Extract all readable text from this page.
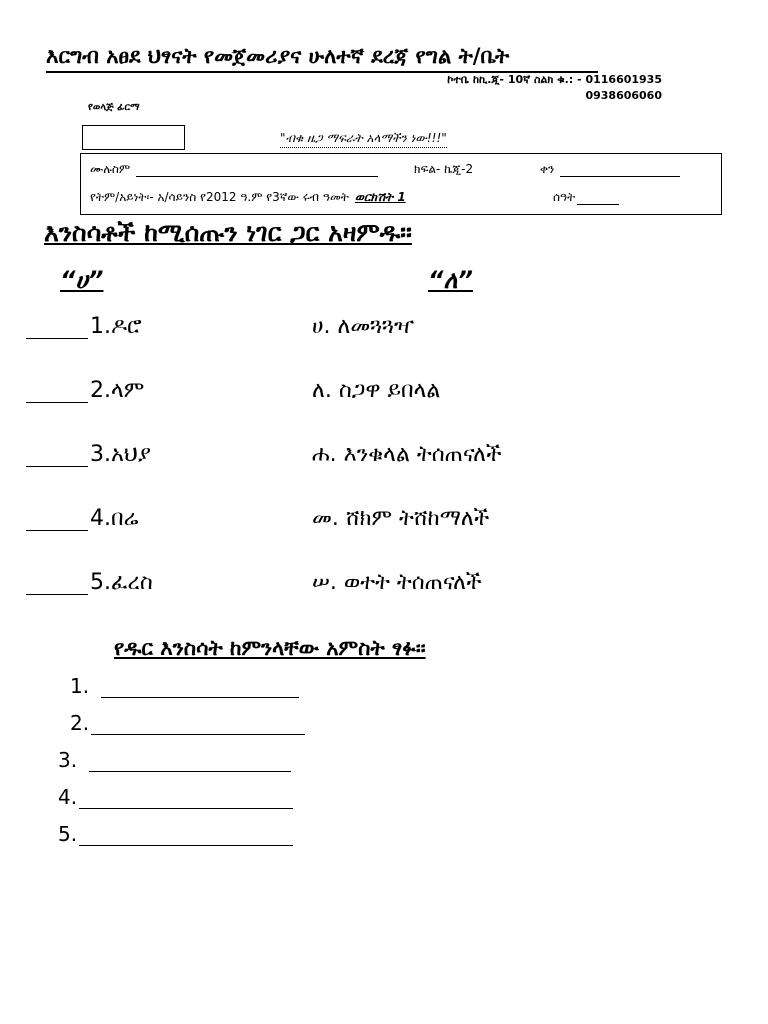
እርግብ አፀደ ህፃናት የመጀመሪያና ሁለተኛ ደረጃ የግል ት/ቤት
ኮተቤ ከኪ.ጂ- 10ኛ ስልክ ቁ.: - 0116601935
0938606060
የወላጅ ፊርማ
"ብቁ ዜጋ ማፍራት አላማችን ነው!!!"
ሙሉስም	ክፍል- ኬጂ-2	ቀን
የትም/አይነት፡- አ/ሳይንስ የ2012 ዓ.ም የ3ኛው ሩብ ዓመት ወርክሽት 1	ሰዓት
እንስሳቶች ከሚሰጡን ነገር ጋር አዛምዱ፡፡
“ሀ”	“ለ”
1.ዶሮ	ሀ. ለመጓጓዣ
2.ላም	ለ. ስጋዋ ይበላል
3.አህያ	ሐ. እንቁላል ትሰጠናለች
4.በሬ	መ. ሸክም ትሸከማለች
5.ፈረስ	ሠ. ወተት ትሰጠናለች
የዱር እንስሳት ከምንላቸው አምስት ፃፉ፡፡
1.
2.
3.
4.
5.
